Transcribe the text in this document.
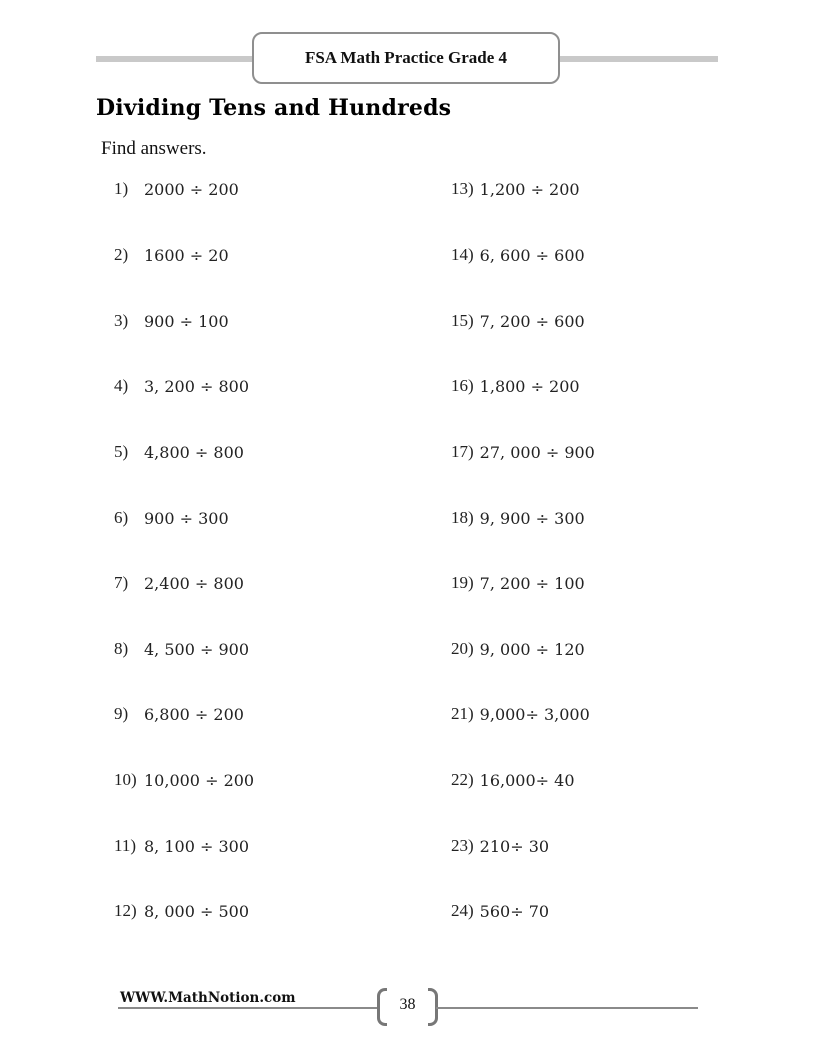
FSA Math Practice Grade 4
Dividing Tens and Hundreds
Find answers.
1) 2000 ÷ 200
2) 1600 ÷ 20
3) 900 ÷ 100
4) 3, 200 ÷ 800
5) 4,800 ÷ 800
6) 900 ÷ 300
7) 2,400 ÷ 800
8) 4, 500 ÷ 900
9) 6,800 ÷ 200
10) 10,000 ÷ 200
11) 8, 100 ÷ 300
12) 8, 000 ÷ 500
13) 1,200 ÷ 200
14) 6, 600 ÷ 600
15) 7, 200 ÷ 600
16) 1,800 ÷ 200
17) 27, 000 ÷ 900
18) 9, 900 ÷ 300
19) 7, 200 ÷ 100
20) 9, 000 ÷ 120
21) 9,000÷ 3,000
22) 16,000÷ 40
23) 210÷ 30
24) 560÷ 70
WWW.MathNotion.com	38
